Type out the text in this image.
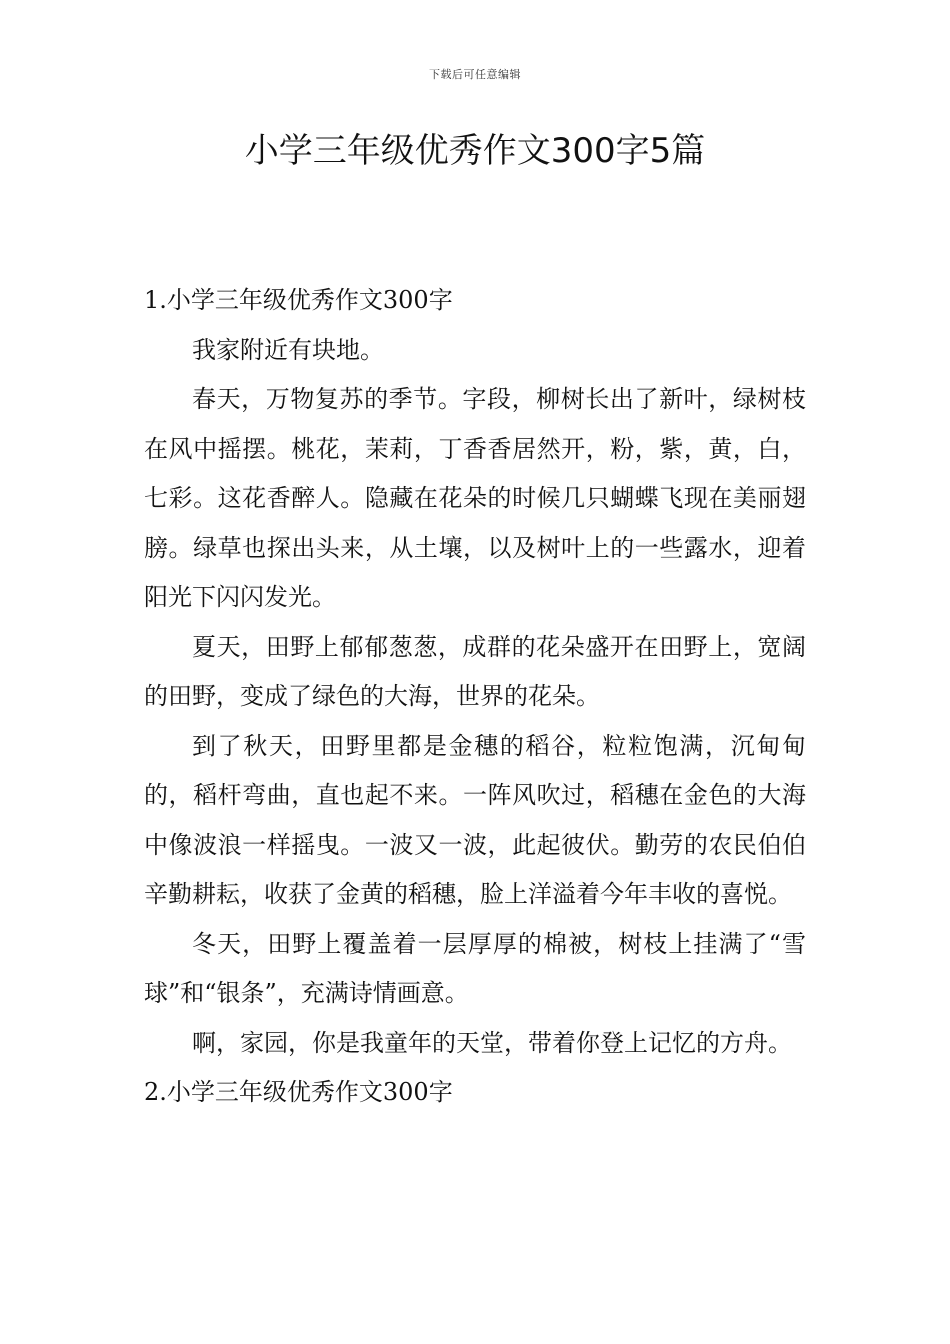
下载后可任意编辑
小学三年级优秀作文300字5篇

1.小学三年级优秀作文300字

我家附近有块地。

春天，万物复苏的季节。字段，柳树长出了新叶，绿树枝在风中摇摆。桃花，茉莉，丁香香居然开，粉，紫，黄，白，七彩。这花香醉人。隐藏在花朵的时候几只蝴蝶飞现在美丽翅膀。绿草也探出头来，从土壤，以及树叶上的一些露水，迎着阳光下闪闪发光。

夏天，田野上郁郁葱葱，成群的花朵盛开在田野上，宽阔的田野，变成了绿色的大海，世界的花朵。

到了秋天，田野里都是金穗的稻谷，粒粒饱满，沉甸甸的，稻杆弯曲，直也起不来。一阵风吹过，稻穗在金色的大海中像波浪一样摇曳。一波又一波，此起彼伏。勤劳的农民伯伯辛勤耕耘，收获了金黄的稻穗，脸上洋溢着今年丰收的喜悦。

冬天，田野上覆盖着一层厚厚的棉被，树枝上挂满了“雪球”和“银条”，充满诗情画意。

啊，家园，你是我童年的天堂，带着你登上记忆的方舟。

2.小学三年级优秀作文300字
